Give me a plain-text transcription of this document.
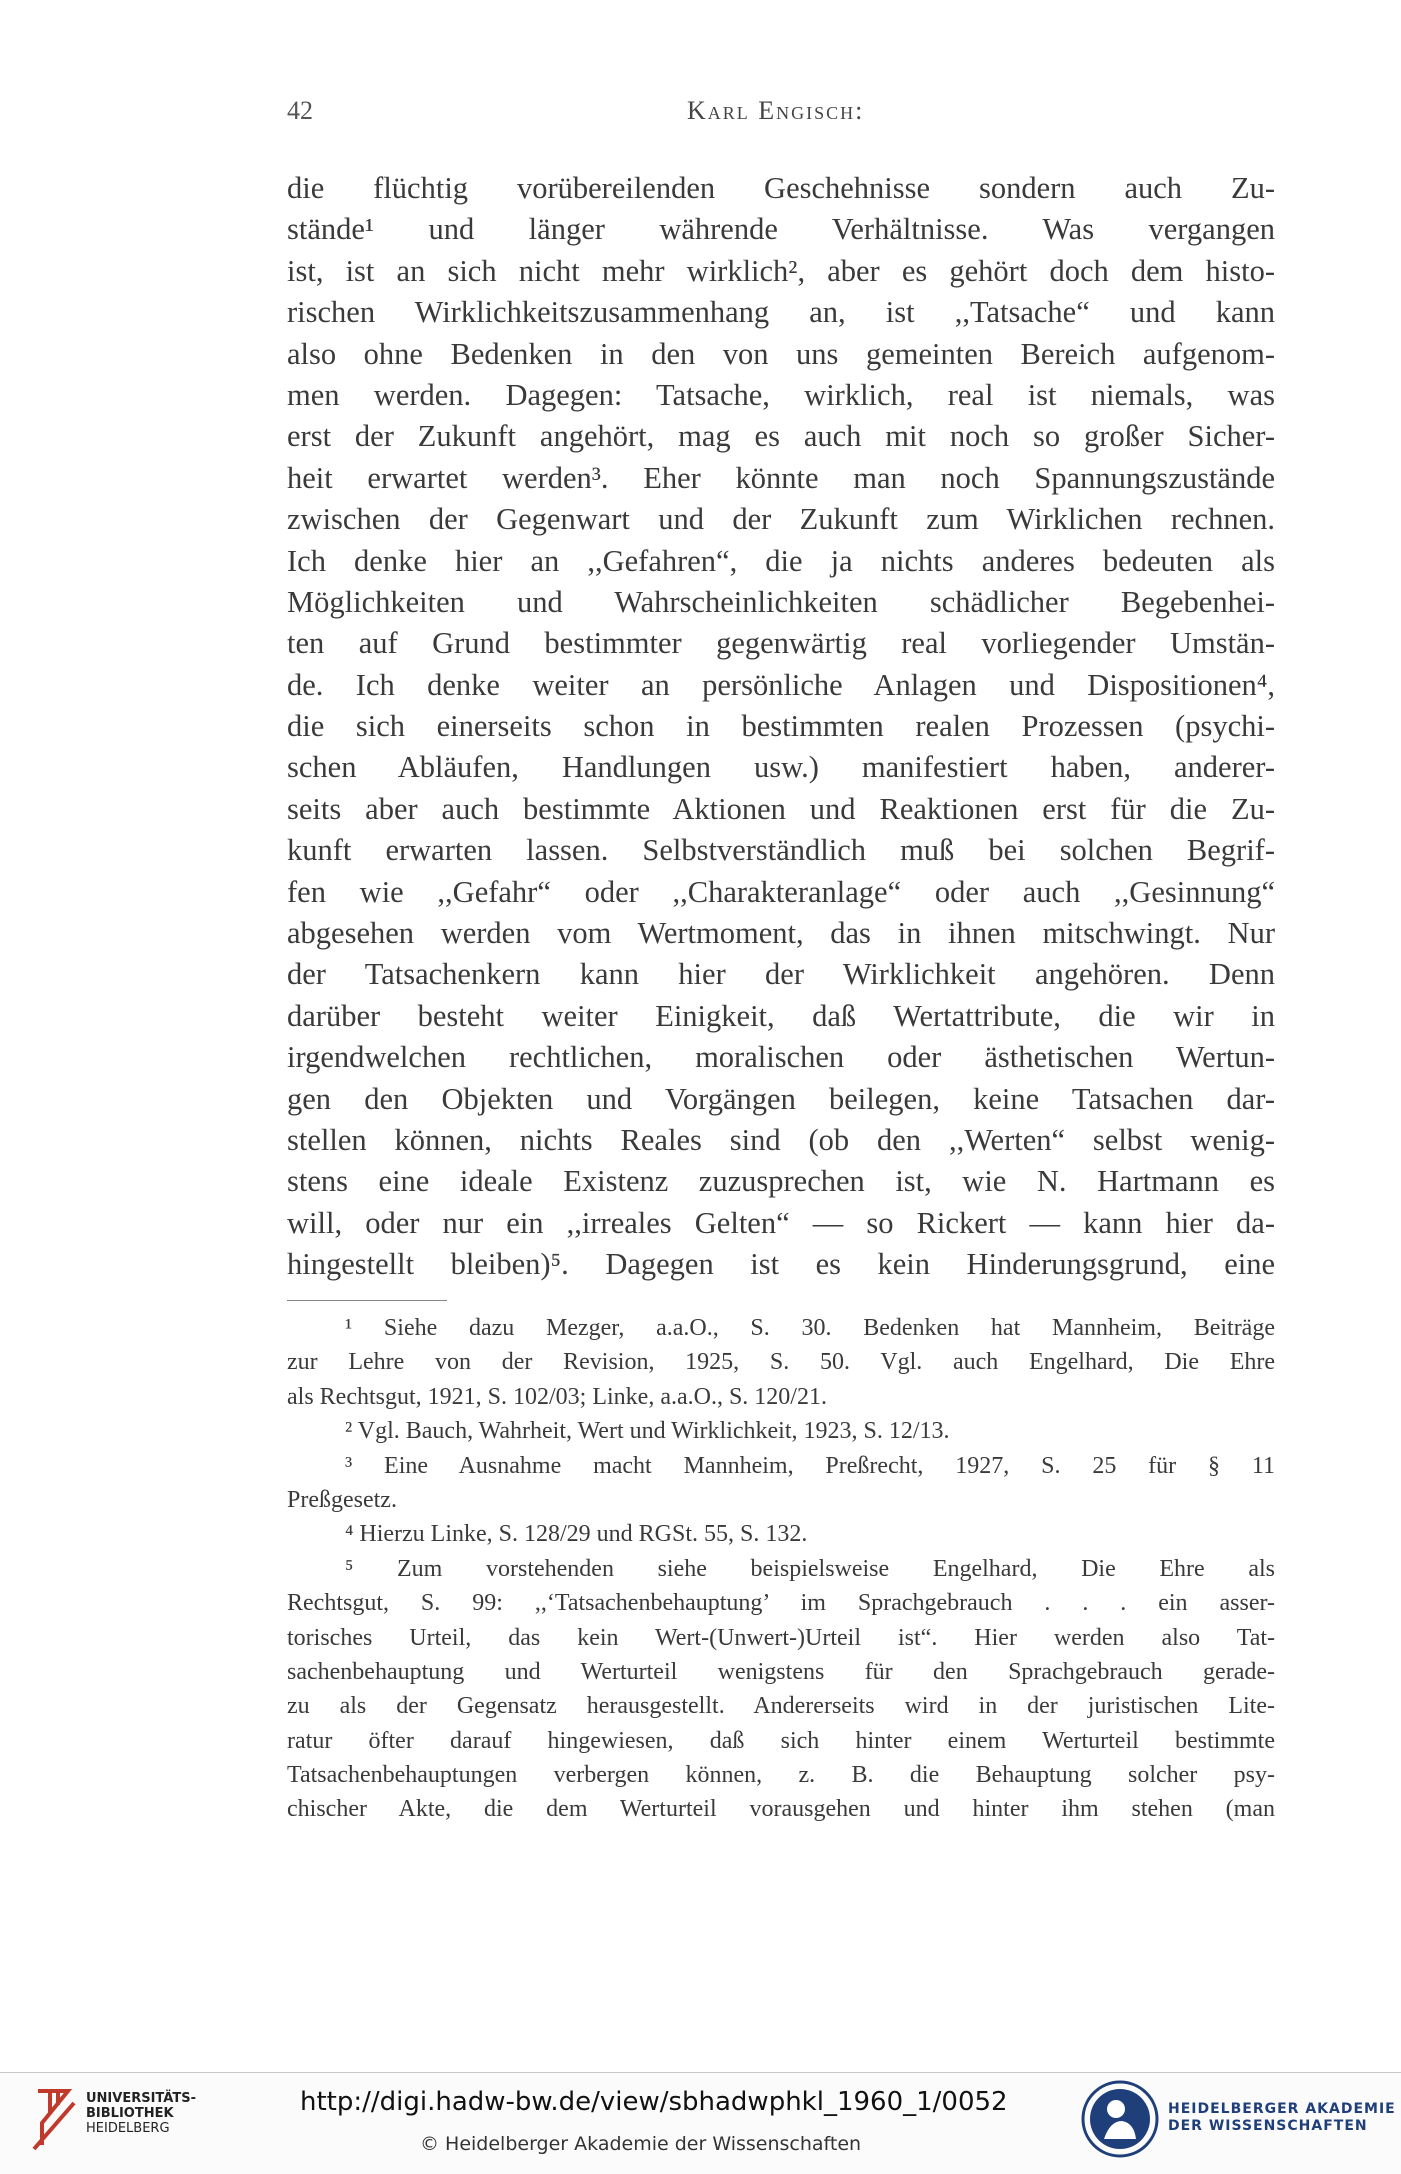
42	Karl Engisch:
die flüchtig vorübereilenden Geschehnisse sondern auch Zu-
stände¹ und länger währende Verhältnisse. Was vergangen
ist, ist an sich nicht mehr wirklich², aber es gehört doch dem histo-
rischen Wirklichkeitszusammenhang an, ist ,,Tatsache“ und kann
also ohne Bedenken in den von uns gemeinten Bereich aufgenom-
men werden. Dagegen: Tatsache, wirklich, real ist niemals, was
erst der Zukunft angehört, mag es auch mit noch so großer Sicher-
heit erwartet werden³. Eher könnte man noch Spannungszustände
zwischen der Gegenwart und der Zukunft zum Wirklichen rechnen.
Ich denke hier an ,,Gefahren“, die ja nichts anderes bedeuten als
Möglichkeiten und Wahrscheinlichkeiten schädlicher Begebenhei-
ten auf Grund bestimmter gegenwärtig real vorliegender Umstän-
de. Ich denke weiter an persönliche Anlagen und Dispositionen⁴,
die sich einerseits schon in bestimmten realen Prozessen (psychi-
schen Abläufen, Handlungen usw.) manifestiert haben, anderer-
seits aber auch bestimmte Aktionen und Reaktionen erst für die Zu-
kunft erwarten lassen. Selbstverständlich muß bei solchen Begrif-
fen wie ,,Gefahr“ oder ,,Charakteranlage“ oder auch ,,Gesinnung“
abgesehen werden vom Wertmoment, das in ihnen mitschwingt. Nur
der Tatsachenkern kann hier der Wirklichkeit angehören. Denn
darüber besteht weiter Einigkeit, daß Wertattribute, die wir in
irgendwelchen rechtlichen, moralischen oder ästhetischen Wertun-
gen den Objekten und Vorgängen beilegen, keine Tatsachen dar-
stellen können, nichts Reales sind (ob den ,,Werten“ selbst wenig-
stens eine ideale Existenz zuzusprechen ist, wie N. Hartmann es
will, oder nur ein ,,irreales Gelten“ — so Rickert — kann hier da-
hingestellt bleiben)⁵. Dagegen ist es kein Hinderungsgrund, eine
¹ Siehe dazu Mezger, a.a.O., S. 30. Bedenken hat Mannheim, Beiträge
zur Lehre von der Revision, 1925, S. 50. Vgl. auch Engelhard, Die Ehre
als Rechtsgut, 1921, S. 102/03; Linke, a.a.O., S. 120/21.
² Vgl. Bauch, Wahrheit, Wert und Wirklichkeit, 1923, S. 12/13.
³ Eine Ausnahme macht Mannheim, Preßrecht, 1927, S. 25 für § 11
Preßgesetz.
⁴ Hierzu Linke, S. 128/29 und RGSt. 55, S. 132.
⁵ Zum vorstehenden siehe beispielsweise Engelhard, Die Ehre als
Rechtsgut, S. 99: ,,‘Tatsachenbehauptung’ im Sprachgebrauch . . . ein asser-
torisches Urteil, das kein Wert-(Unwert-)Urteil ist“. Hier werden also Tat-
sachenbehauptung und Werturteil wenigstens für den Sprachgebrauch gerade-
zu als der Gegensatz herausgestellt. Andererseits wird in der juristischen Lite-
ratur öfter darauf hingewiesen, daß sich hinter einem Werturteil bestimmte
Tatsachenbehauptungen verbergen können, z. B. die Behauptung solcher psy-
chischer Akte, die dem Werturteil vorausgehen und hinter ihm stehen (man
UNIVERSITÄTS-
BIBLIOTHEK
HEIDELBERG
http://digi.hadw-bw.de/view/sbhadwphkl_1960_1/0052
© Heidelberger Akademie der Wissenschaften
HEIDELBERGER AKADEMIE
DER WISSENSCHAFTEN
